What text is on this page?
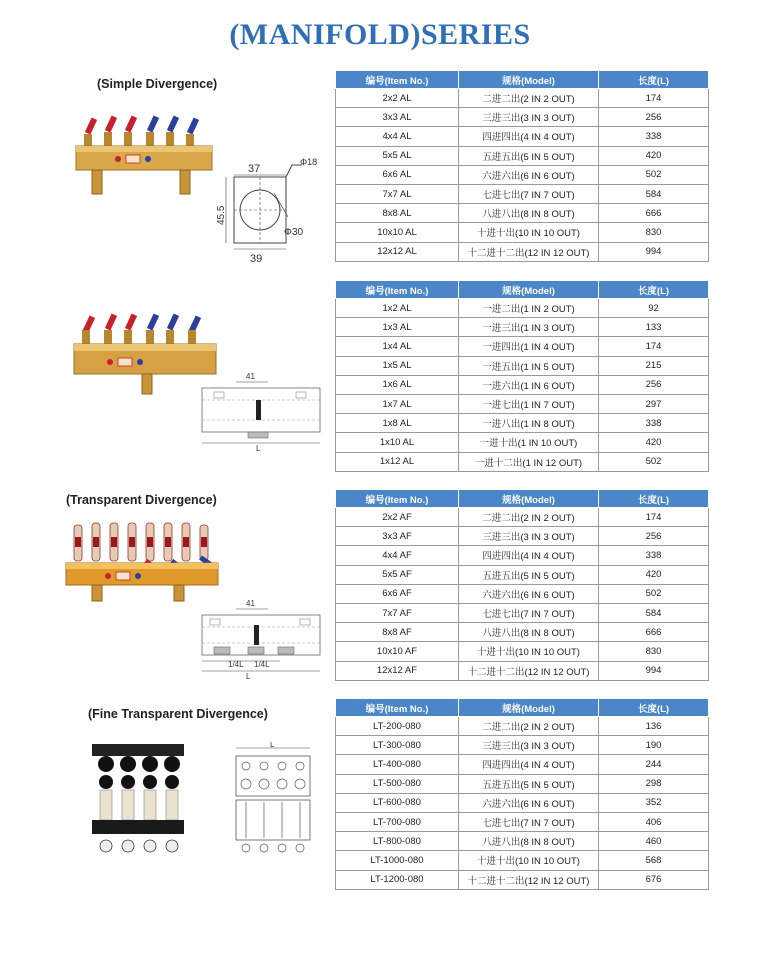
(MANIFOLD)SERIES
(Simple Divergence)
(Transparent Divergence)
(Fine Transparent Divergence)
37
Φ18
45.5
Φ30
39
41
L
41
1/4L 1/4L
L
L
编号(Item No.)	规格(Model)	长度(L)
2x2 AL	二进二出(2 IN 2 OUT)	174
3x3 AL	三进三出(3 IN 3 OUT)	256
4x4 AL	四进四出(4 IN 4 OUT)	338
5x5 AL	五进五出(5 IN 5 OUT)	420
6x6 AL	六进六出(6 IN 6 OUT)	502
7x7 AL	七进七出(7 IN 7 OUT)	584
8x8 AL	八进八出(8 IN 8 OUT)	666
10x10 AL	十进十出(10 IN 10 OUT)	830
12x12 AL	十二进十二出(12 IN 12 OUT)	994
编号(Item No.)	规格(Model)	长度(L)
1x2 AL	一进二出(1 IN 2 OUT)	92
1x3 AL	一进三出(1 IN 3 OUT)	133
1x4 AL	一进四出(1 IN 4 OUT)	174
1x5 AL	一进五出(1 IN 5 OUT)	215
1x6 AL	一进六出(1 IN 6 OUT)	256
1x7 AL	一进七出(1 IN 7 OUT)	297
1x8 AL	一进八出(1 IN 8 OUT)	338
1x10 AL	一进十出(1 IN 10 OUT)	420
1x12 AL	一进十二出(1 IN 12 OUT)	502
编号(Item No.)	规格(Model)	长度(L)
2x2 AF	二进二出(2 IN 2 OUT)	174
3x3 AF	三进三出(3 IN 3 OUT)	256
4x4 AF	四进四出(4 IN 4 OUT)	338
5x5 AF	五进五出(5 IN 5 OUT)	420
6x6 AF	六进六出(6 IN 6 OUT)	502
7x7 AF	七进七出(7 IN 7 OUT)	584
8x8 AF	八进八出(8 IN 8 OUT)	666
10x10 AF	十进十出(10 IN 10 OUT)	830
12x12 AF	十二进十二出(12 IN 12 OUT)	994
编号(Item No.)	规格(Model)	长度(L)
LT-200-080	二进二出(2 IN 2 OUT)	136
LT-300-080	三进三出(3 IN 3 OUT)	190
LT-400-080	四进四出(4 IN 4 OUT)	244
LT-500-080	五进五出(5 IN 5 OUT)	298
LT-600-080	六进六出(6 IN 6 OUT)	352
LT-700-080	七进七出(7 IN 7 OUT)	406
LT-800-080	八进八出(8 IN 8 OUT)	460
LT-1000-080	十进十出(10 IN 10 OUT)	568
LT-1200-080	十二进十二出(12 IN 12 OUT)	676
